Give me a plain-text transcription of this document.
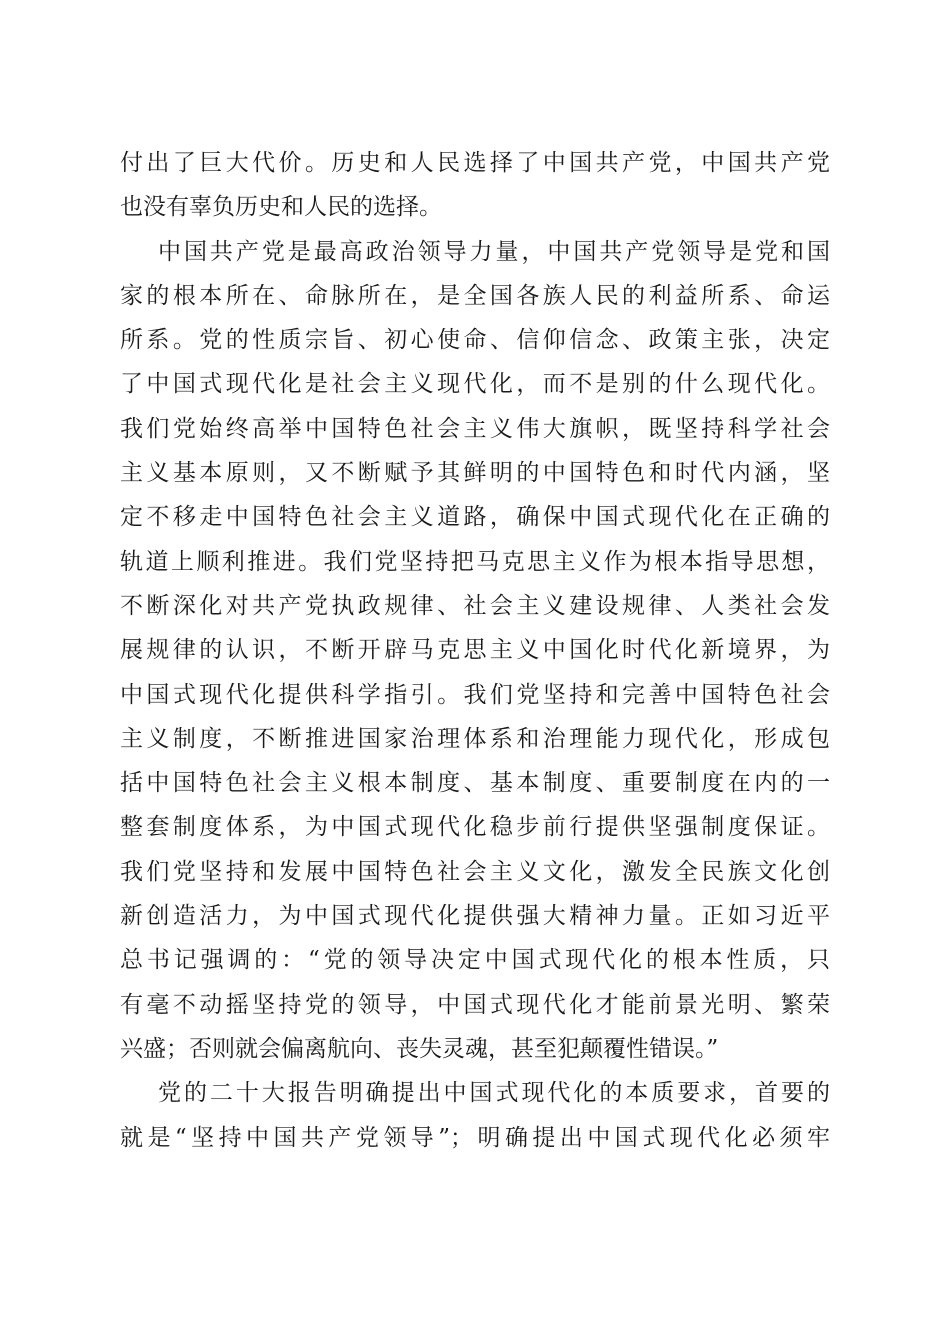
付出了巨大代价。历史和人民选择了中国共产党，中国共产党
也没有辜负历史和人民的选择。
中国共产党是最高政治领导力量，中国共产党领导是党和国
家的根本所在、命脉所在，是全国各族人民的利益所系、命运
所系。党的性质宗旨、初心使命、信仰信念、政策主张，决定
了中国式现代化是社会主义现代化，而不是别的什么现代化。
我们党始终高举中国特色社会主义伟大旗帜，既坚持科学社会
主义基本原则，又不断赋予其鲜明的中国特色和时代内涵，坚
定不移走中国特色社会主义道路，确保中国式现代化在正确的
轨道上顺利推进。我们党坚持把马克思主义作为根本指导思想，
不断深化对共产党执政规律、社会主义建设规律、人类社会发
展规律的认识，不断开辟马克思主义中国化时代化新境界，为
中国式现代化提供科学指引。我们党坚持和完善中国特色社会
主义制度，不断推进国家治理体系和治理能力现代化，形成包
括中国特色社会主义根本制度、基本制度、重要制度在内的一
整套制度体系，为中国式现代化稳步前行提供坚强制度保证。
我们党坚持和发展中国特色社会主义文化，激发全民族文化创
新创造活力，为中国式现代化提供强大精神力量。正如习近平
总书记强调的：“党的领导决定中国式现代化的根本性质，只
有毫不动摇坚持党的领导，中国式现代化才能前景光明、繁荣
兴盛；否则就会偏离航向、丧失灵魂，甚至犯颠覆性错误。”
党的二十大报告明确提出中国式现代化的本质要求，首要的
就是“坚持中国共产党领导”；明确提出中国式现代化必须牢
